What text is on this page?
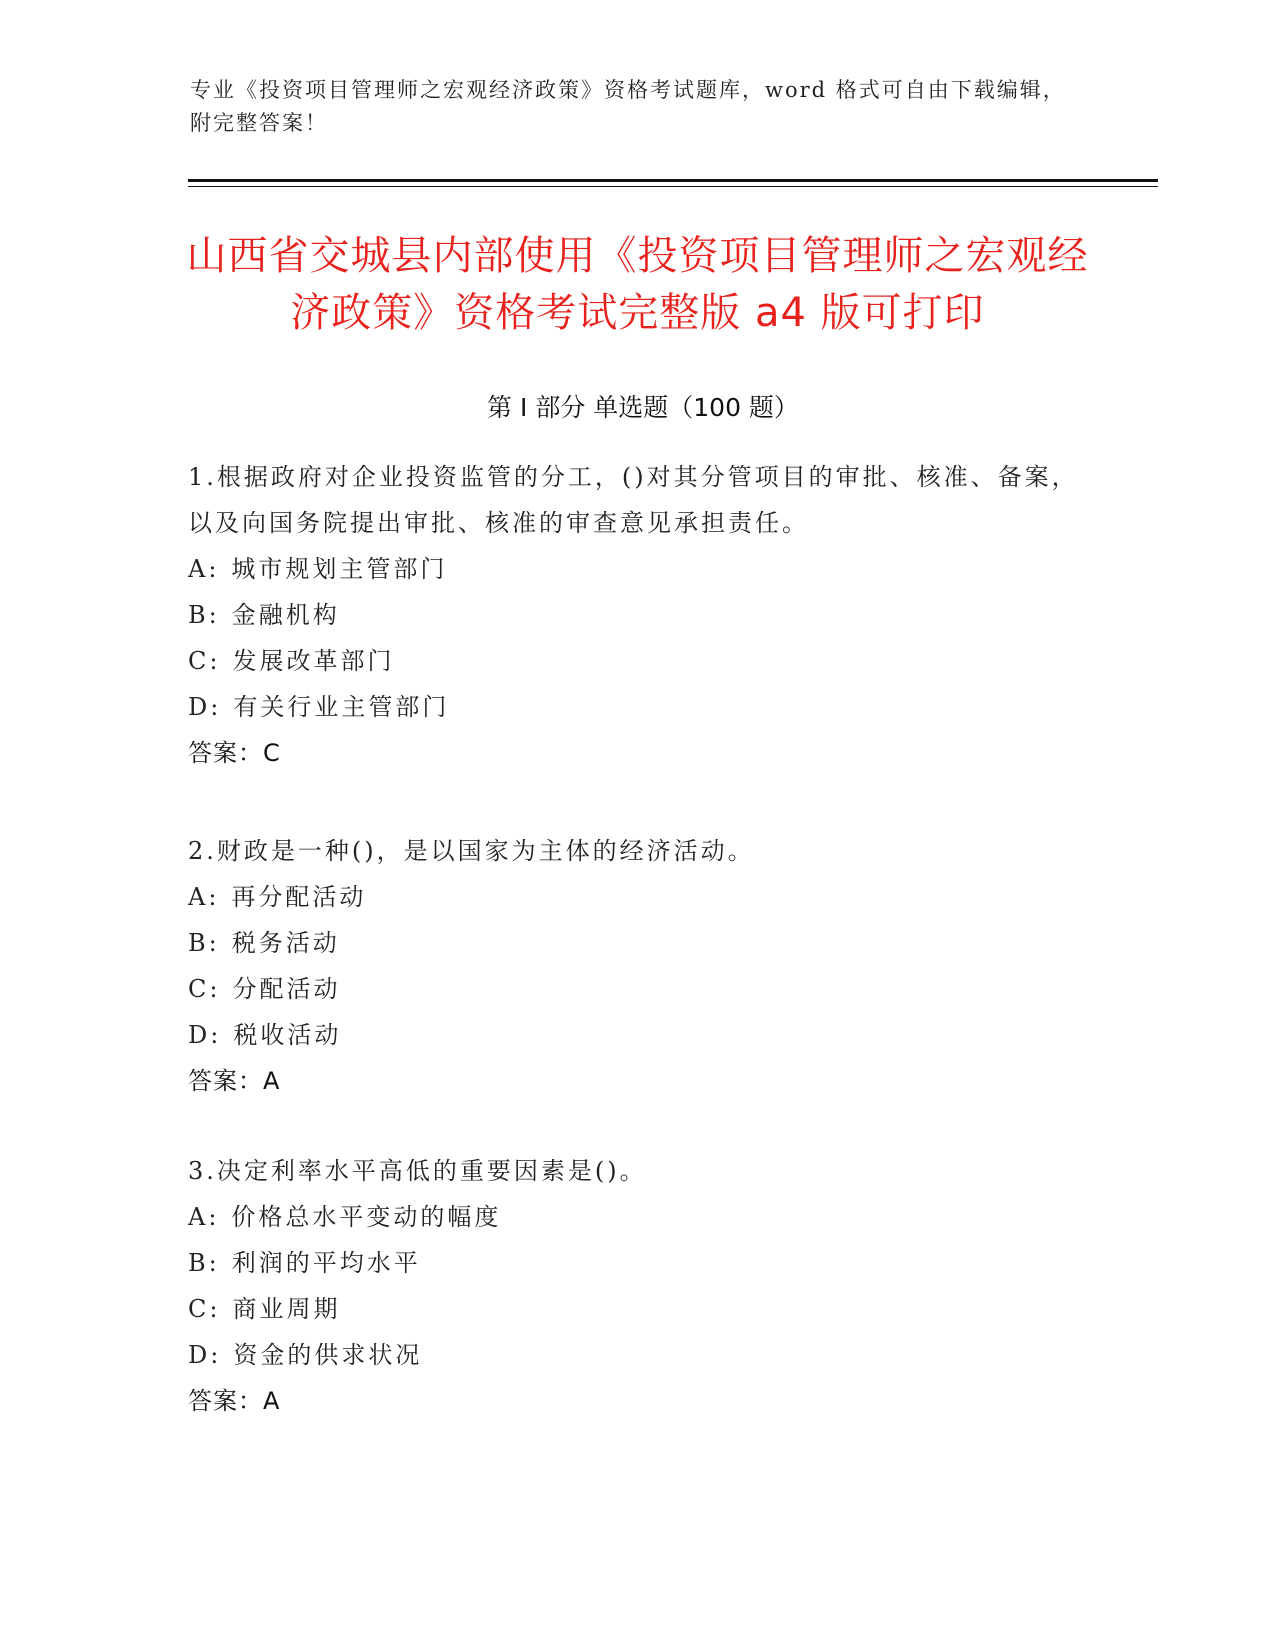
专业《投资项目管理师之宏观经济政策》资格考试题库，word 格式可自由下载编辑，附完整答案！
山西省交城县内部使用《投资项目管理师之宏观经济政策》资格考试完整版 a4 版可打印
第 I 部分 单选题（100 题）
1.根据政府对企业投资监管的分工，()对其分管项目的审批、核准、备案，以及向国务院提出审批、核准的审查意见承担责任。
A: 城市规划主管部门
B: 金融机构
C: 发展改革部门
D: 有关行业主管部门
答案：C
2.财政是一种()，是以国家为主体的经济活动。
A: 再分配活动
B: 税务活动
C: 分配活动
D: 税收活动
答案：A
3.决定利率水平高低的重要因素是()。
A: 价格总水平变动的幅度
B: 利润的平均水平
C: 商业周期
D: 资金的供求状况
答案：A
